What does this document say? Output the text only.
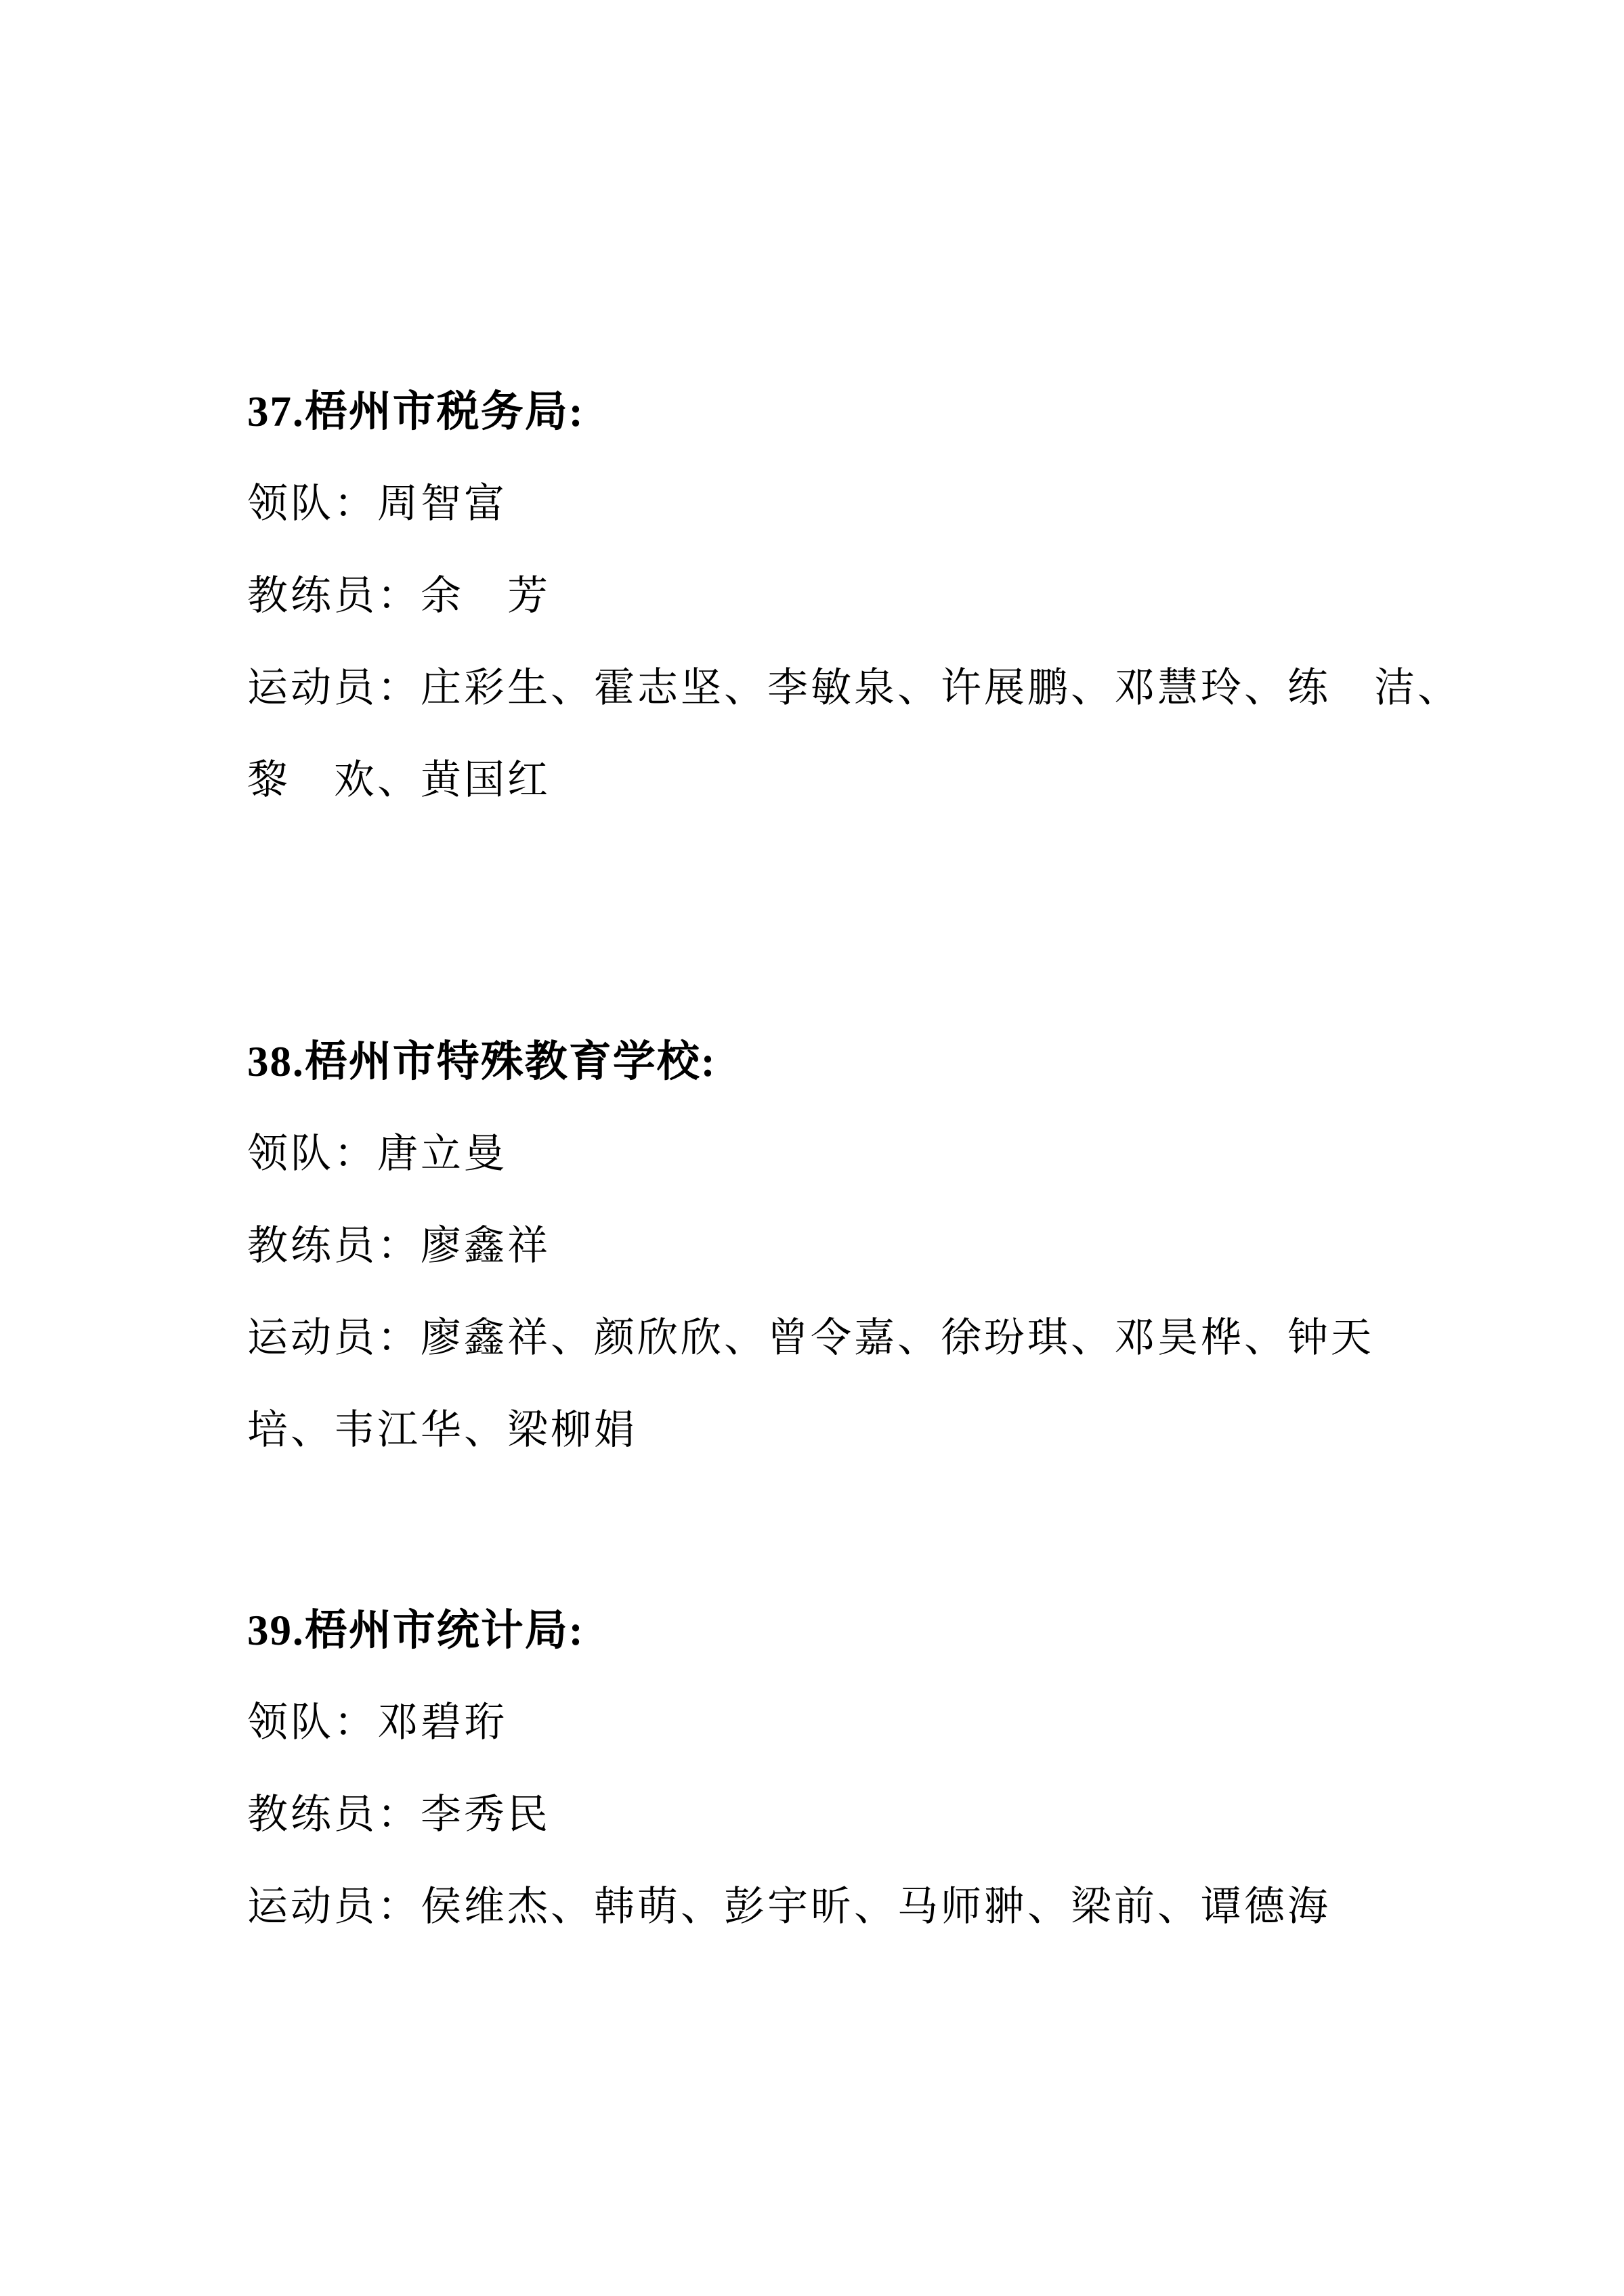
37.梧州市税务局:
领队：周智富
教练员：余　芳
运动员：庄彩生、霍志坚、李敏泉、许展鹏、邓慧玲、练　洁、
黎　欢、黄国红
38.梧州市特殊教育学校:
领队：唐立曼
教练员：廖鑫祥
运动员：廖鑫祥、颜欣欣、曾令嘉、徐玢琪、邓昊桦、钟天
培、韦江华、梁柳娟
39.梧州市统计局:
领队：邓碧珩
教练员：李秀民
运动员：侯维杰、韩萌、彭宇昕、马师翀、梁前、谭德海
